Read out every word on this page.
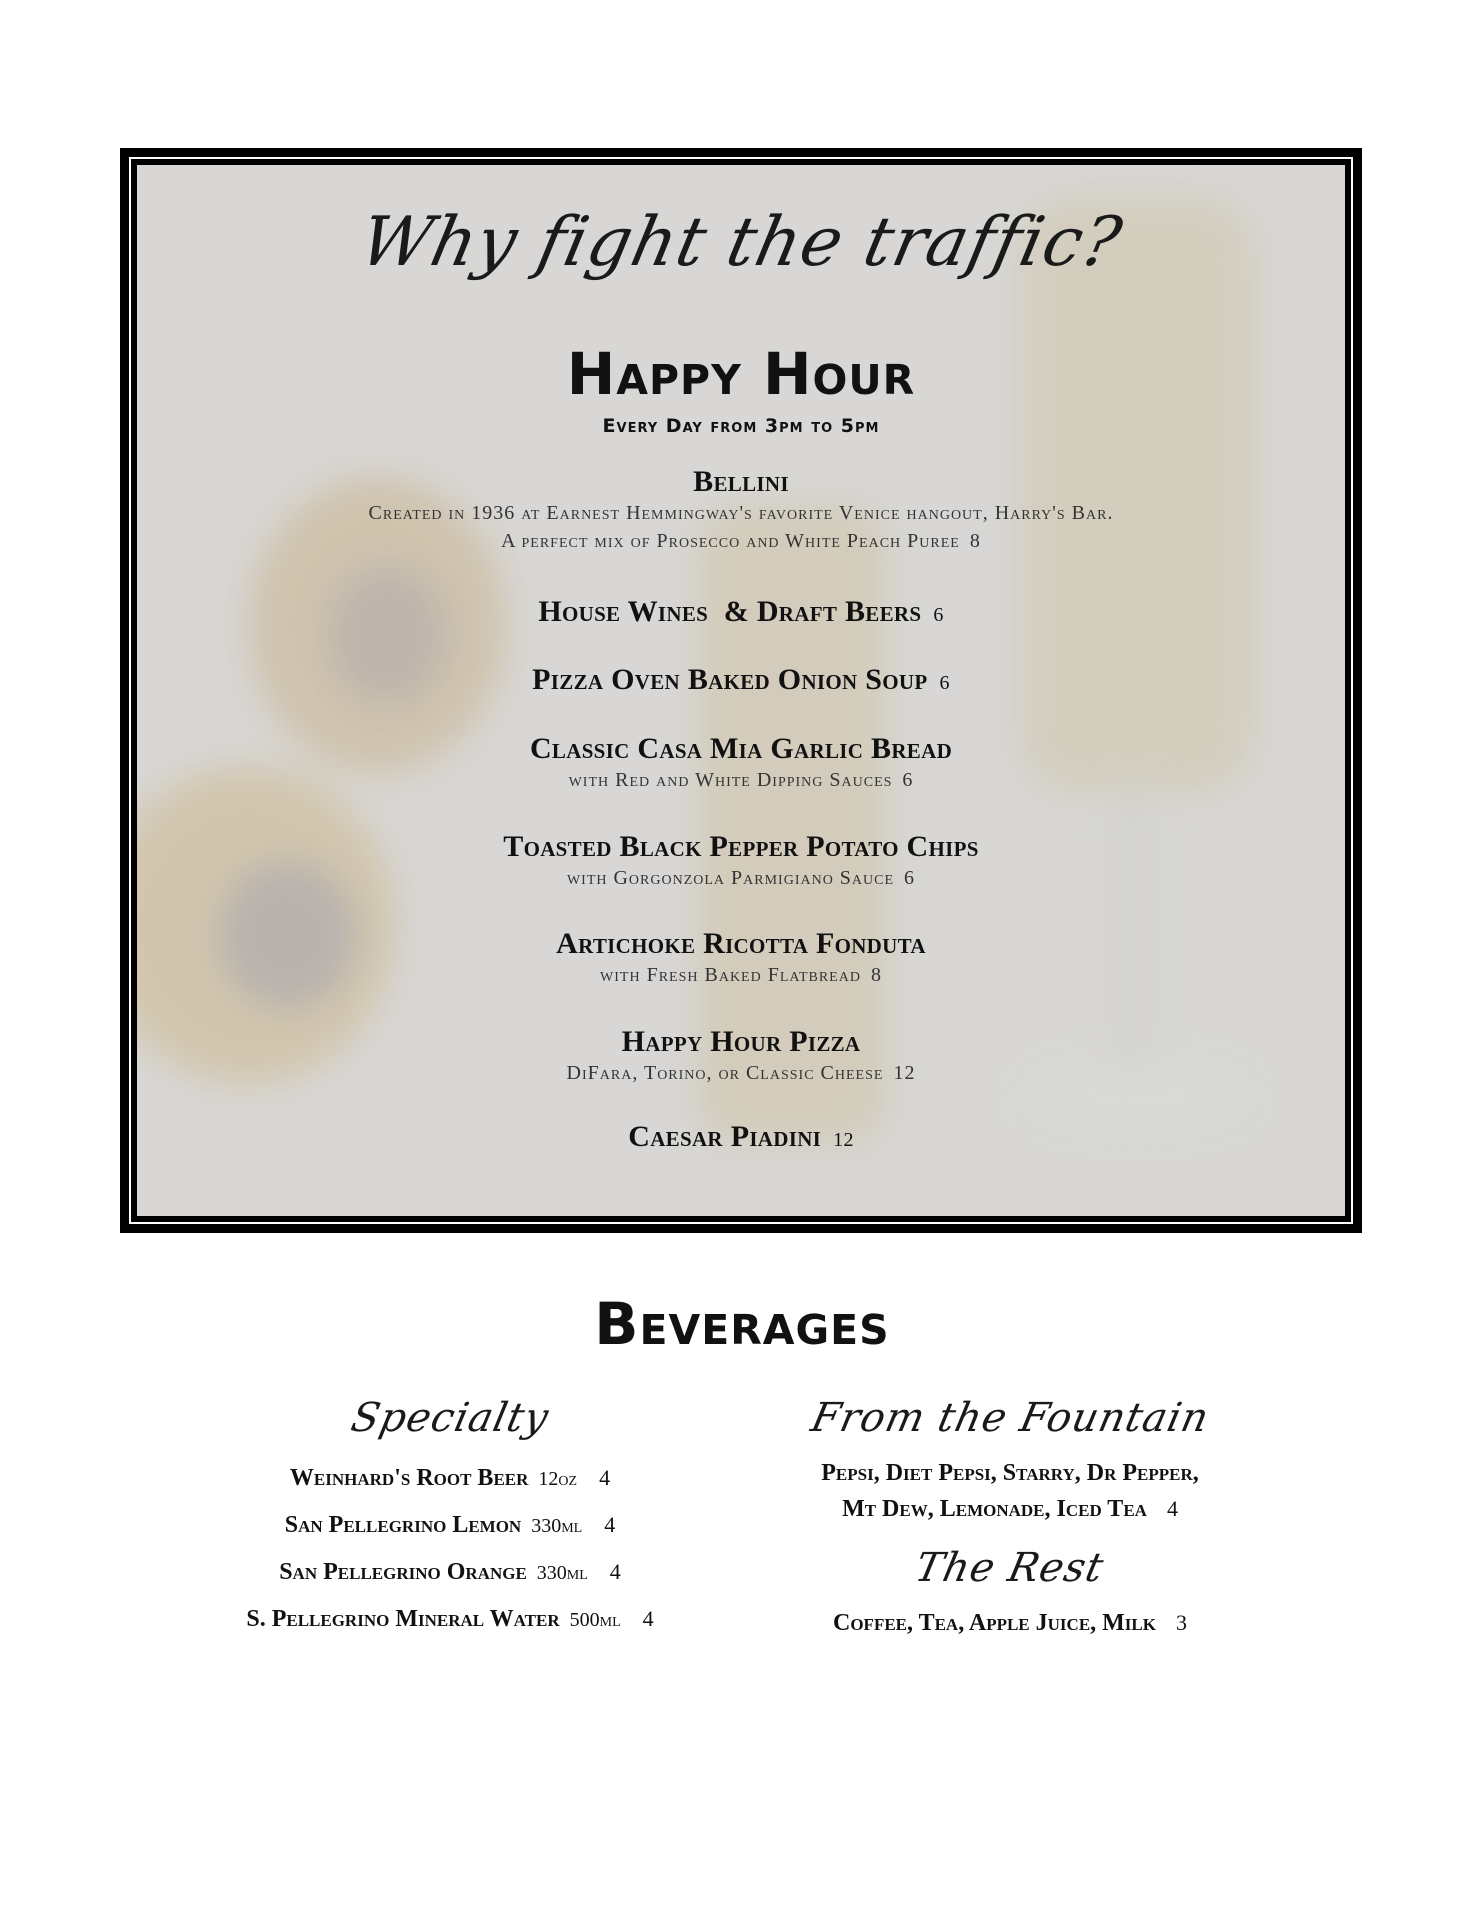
Why fight the traffic?
Happy Hour
Every Day from 3pm to 5pm
Bellini
Created in 1936 at Earnest Hemmingway's favorite Venice hangout, Harry's Bar.
A perfect mix of Prosecco and White Peach Puree 8
House Wines  & Draft Beers 6
Pizza Oven Baked Onion Soup 6
Classic Casa Mia Garlic Bread
with Red and White Dipping Sauces 6
Toasted Black Pepper Potato Chips
with Gorgonzola Parmigiano Sauce 6
Artichoke Ricotta Fonduta
with Fresh Baked Flatbread 8
Happy Hour Pizza
DiFara, Torino, or Classic Cheese 12
Caesar Piadini 12
Beverages
Specialty
Weinhard's Root Beer 12oz 4
San Pellegrino Lemon 330ml 4
San Pellegrino Orange 330ml 4
S. Pellegrino Mineral Water 500ml 4
From the Fountain
Pepsi, Diet Pepsi, Starry, Dr Pepper,
Mt Dew, Lemonade, Iced Tea 4
The Rest
Coffee, Tea, Apple Juice, Milk 3
